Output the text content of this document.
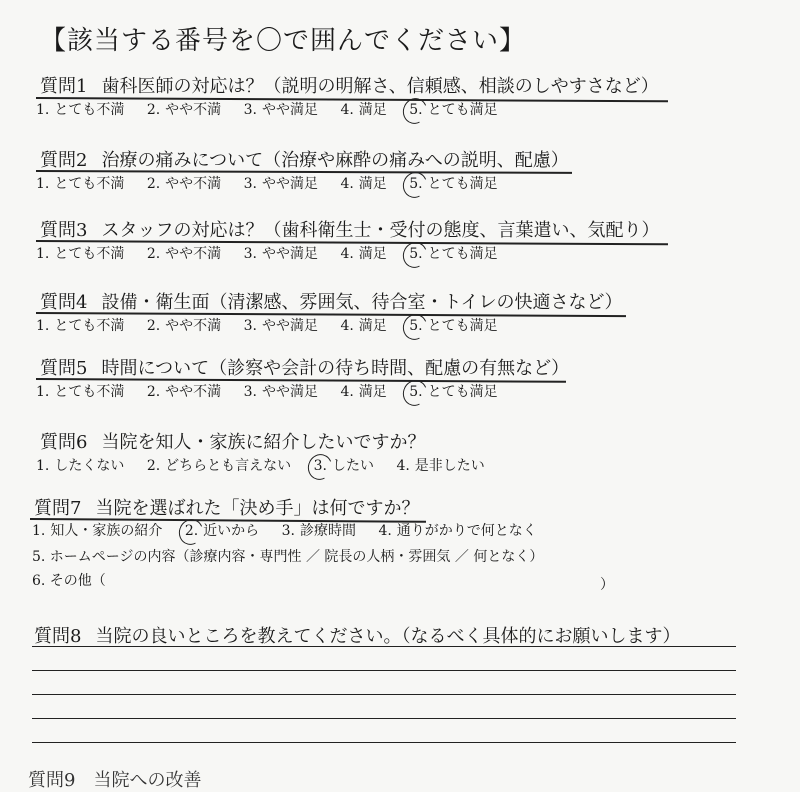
【該当する番号を〇で囲んでください】
質問1 歯科医師の対応は？（説明の明解さ、信頼感、相談のしやすさなど）
1. とても不満 2. やや不満 3. やや満足 4. 満足 5. とても満足
質問2 治療の痛みについて（治療や麻酔の痛みへの説明、配慮）
1. とても不満 2. やや不満 3. やや満足 4. 満足 5. とても満足
質問3 スタッフの対応は？（歯科衛生士・受付の態度、言葉遣い、気配り）
1. とても不満 2. やや不満 3. やや満足 4. 満足 5. とても満足
質問4 設備・衛生面（清潔感、雰囲気、待合室・トイレの快適さなど）
1. とても不満 2. やや不満 3. やや満足 4. 満足 5. とても満足
質問5 時間について（診察や会計の待ち時間、配慮の有無など）
1. とても不満 2. やや不満 3. やや満足 4. 満足 5. とても満足
質問6 当院を知人・家族に紹介したいですか？
1. したくない 2. どちらとも言えない 3. したい 4. 是非したい
質問7 当院を選ばれた「決め手」は何ですか？
1. 知人・家族の紹介 2. 近いから 3. 診療時間 4. 通りがかりで何となく
5. ホームページの内容（診療内容・専門性 ／ 院長の人柄・雰囲気 ／ 何となく）
6. その他（	）
質問8 当院の良いところを教えてください。（なるべく具体的にお願いします）
質問9　当院への改善
